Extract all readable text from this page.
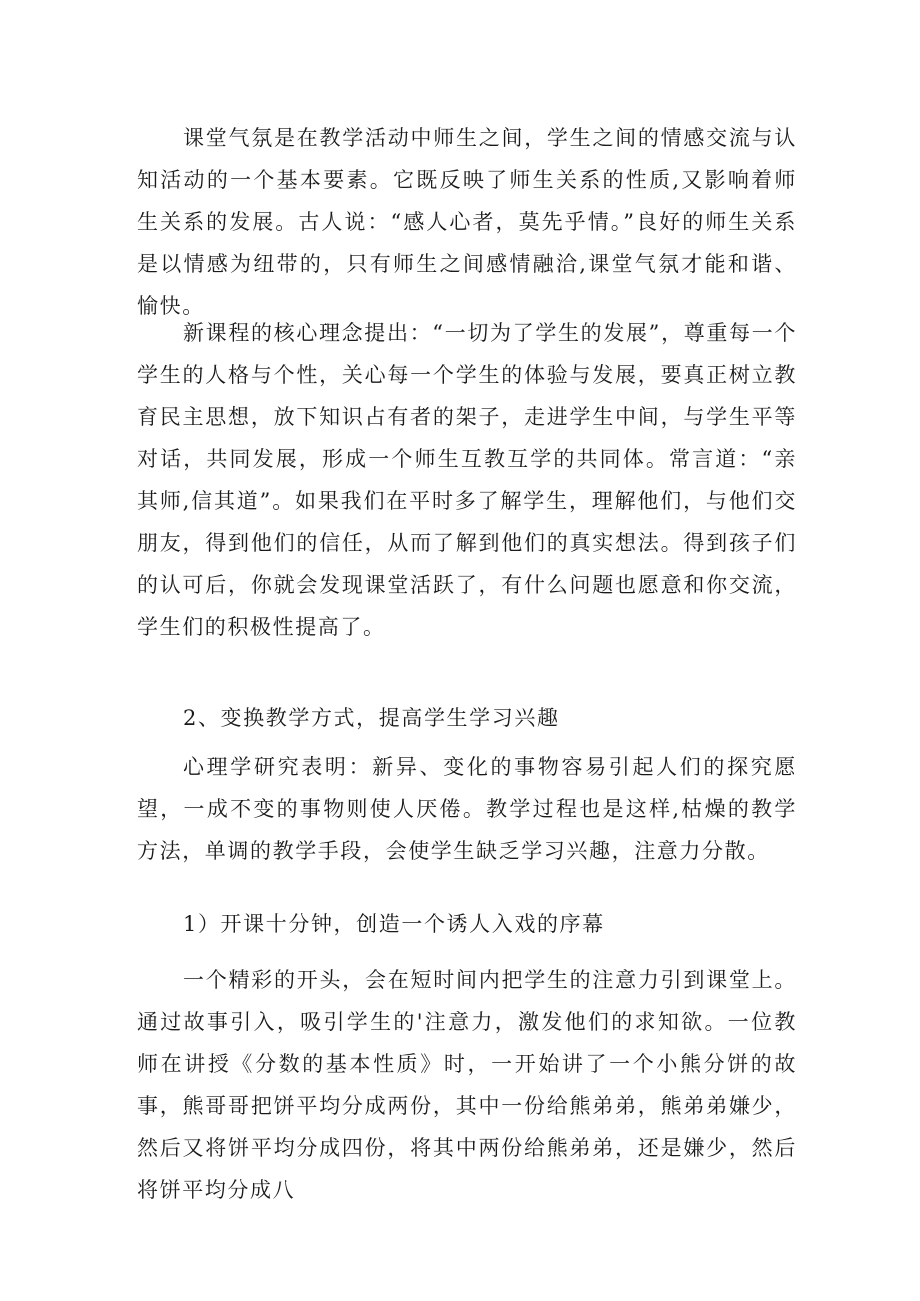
课堂气氛是在教学活动中师生之间，学生之间的情感交流与认知活动的一个基本要素。它既反映了师生关系的性质,又影响着师生关系的发展。古人说：“感人心者，莫先乎情。”良好的师生关系是以情感为纽带的，只有师生之间感情融洽,课堂气氛才能和谐、愉快。

新课程的核心理念提出：“一切为了学生的发展”，尊重每一个学生的人格与个性，关心每一个学生的体验与发展，要真正树立教育民主思想，放下知识占有者的架子，走进学生中间，与学生平等对话，共同发展，形成一个师生互教互学的共同体。常言道：“亲其师,信其道”。如果我们在平时多了解学生，理解他们，与他们交朋友，得到他们的信任，从而了解到他们的真实想法。得到孩子们的认可后，你就会发现课堂活跃了，有什么问题也愿意和你交流，学生们的积极性提高了。

2、变换教学方式，提高学生学习兴趣

心理学研究表明：新异、变化的事物容易引起人们的探究愿望，一成不变的事物则使人厌倦。教学过程也是这样,枯燥的教学方法，单调的教学手段，会使学生缺乏学习兴趣，注意力分散。

1）开课十分钟，创造一个诱人入戏的序幕

一个精彩的开头，会在短时间内把学生的注意力引到课堂上。通过故事引入，吸引学生的'注意力，激发他们的求知欲。一位教师在讲授《分数的基本性质》时，一开始讲了一个小熊分饼的故事，熊哥哥把饼平均分成两份，其中一份给熊弟弟，熊弟弟嫌少，然后又将饼平均分成四份，将其中两份给熊弟弟，还是嫌少，然后将饼平均分成八
